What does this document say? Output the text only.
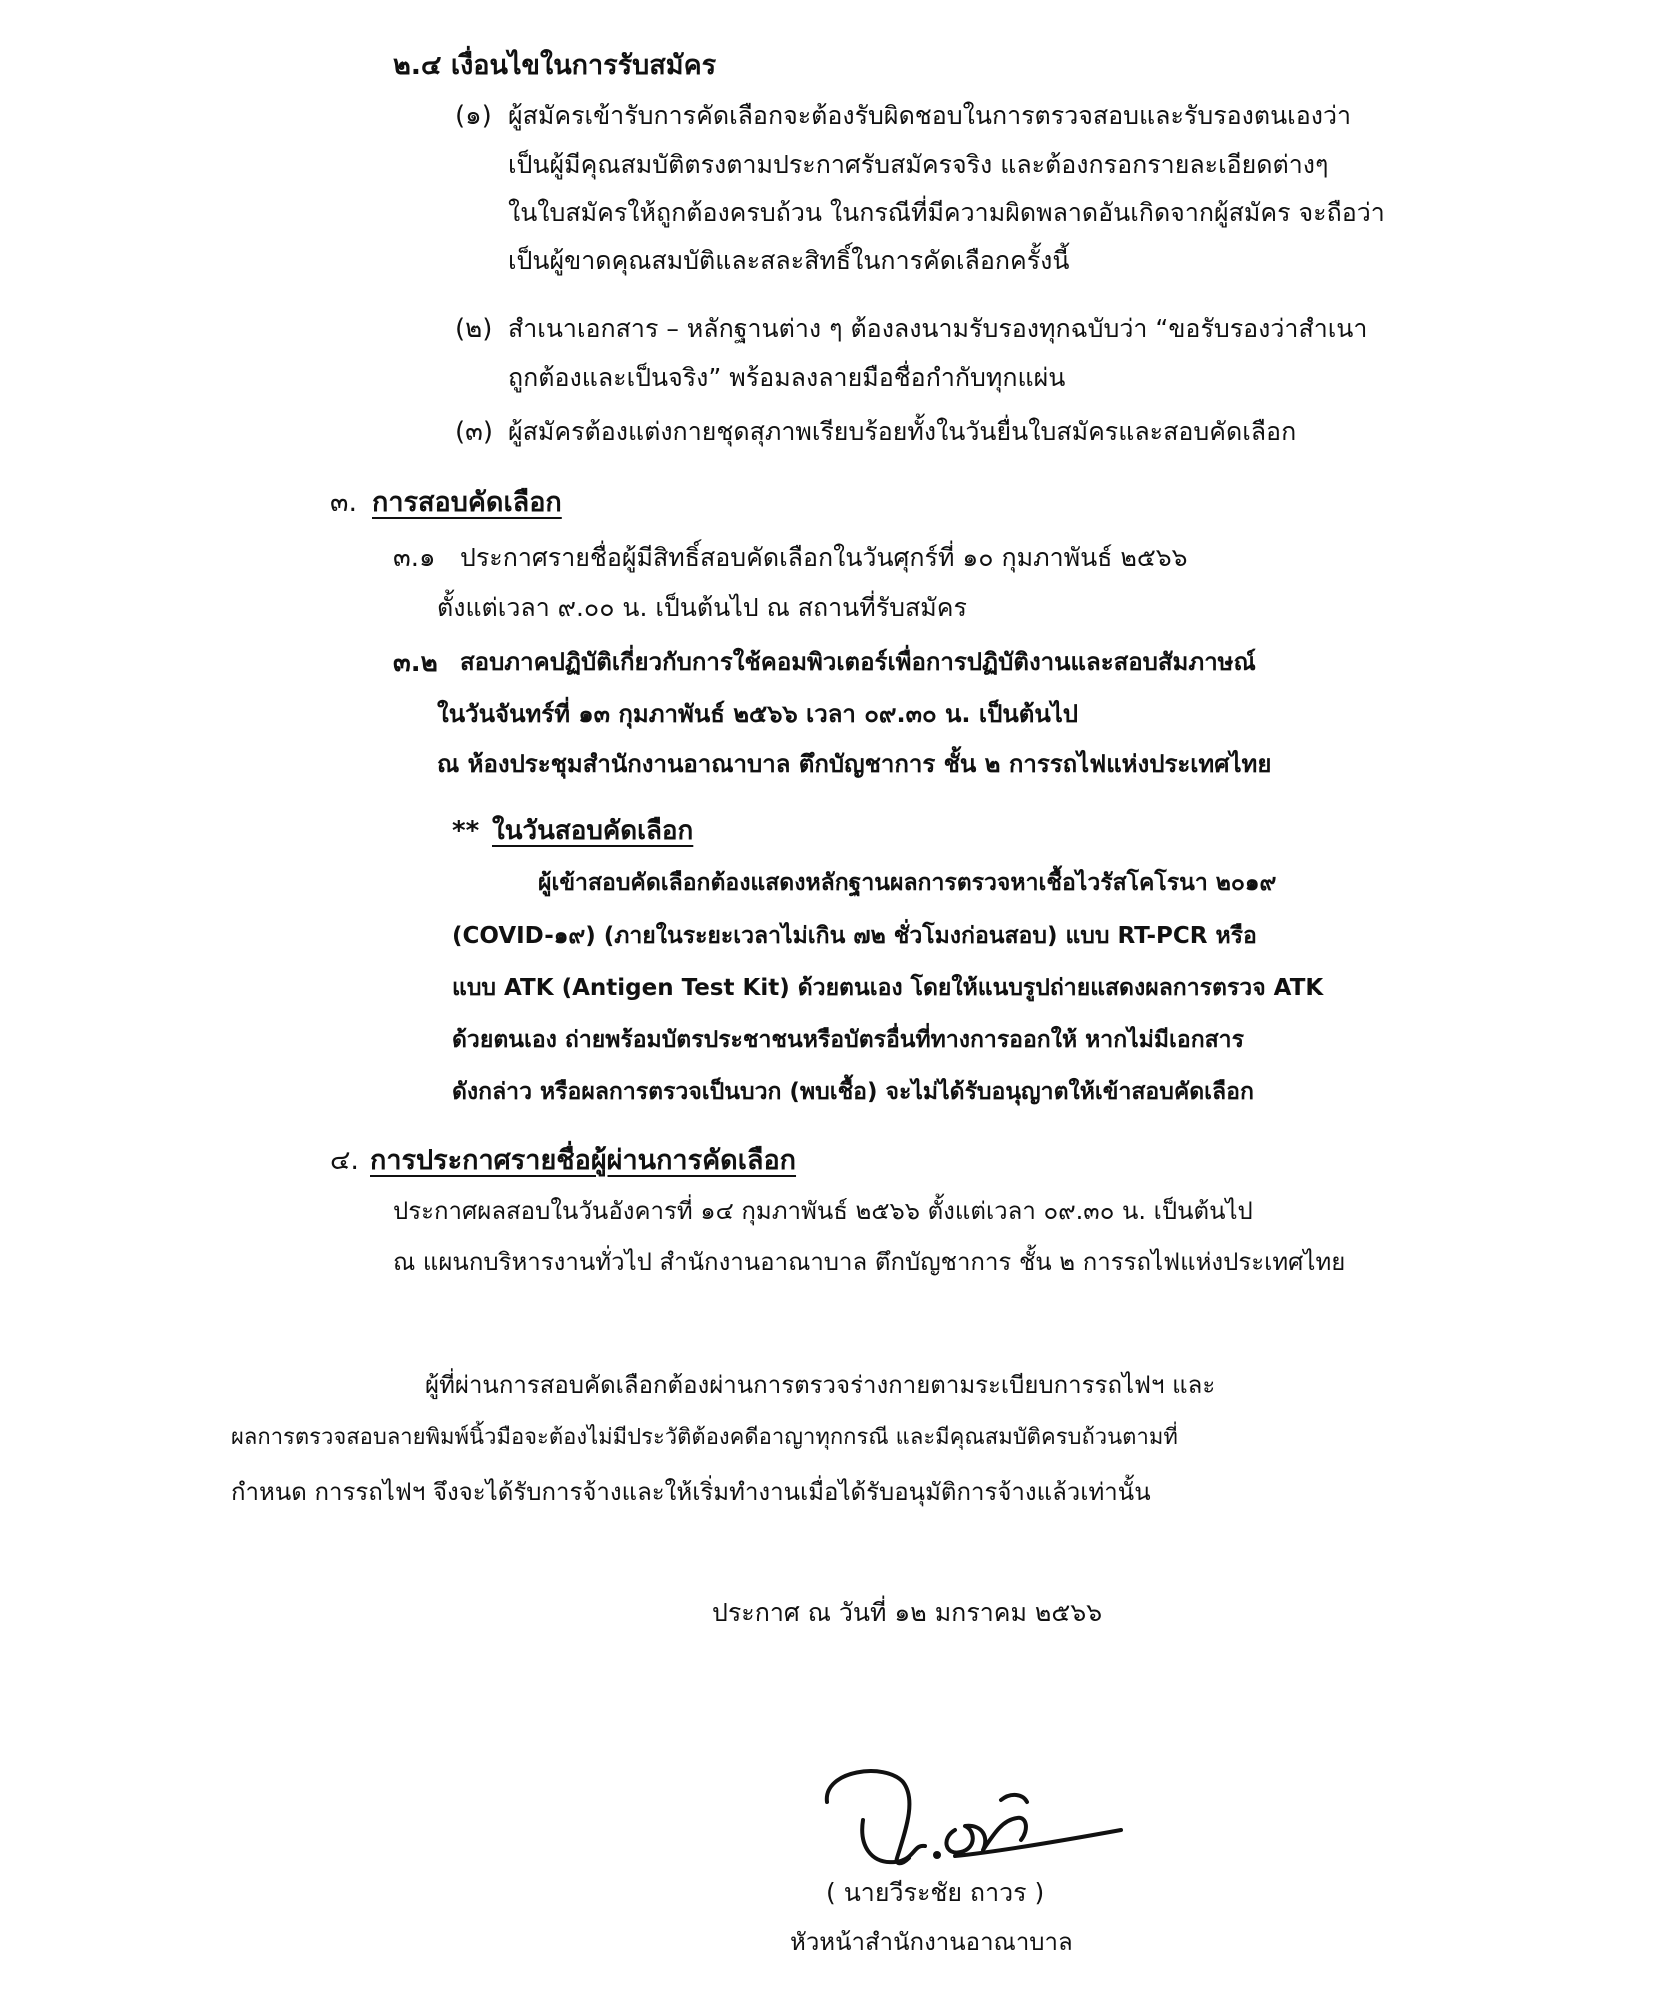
๒.๔ เงื่อนไขในการรับสมัคร
(๑) ผู้สมัครเข้ารับการคัดเลือกจะต้องรับผิดชอบในการตรวจสอบและรับรองตนเองว่า
เป็นผู้มีคุณสมบัติตรงตามประกาศรับสมัครจริง และต้องกรอกรายละเอียดต่างๆ
ในใบสมัครให้ถูกต้องครบถ้วน ในกรณีที่มีความผิดพลาดอันเกิดจากผู้สมัคร จะถือว่า
เป็นผู้ขาดคุณสมบัติและสละสิทธิ์ในการคัดเลือกครั้งนี้
(๒) สำเนาเอกสาร – หลักฐานต่าง ๆ ต้องลงนามรับรองทุกฉบับว่า “ขอรับรองว่าสำเนา
ถูกต้องและเป็นจริง” พร้อมลงลายมือชื่อกำกับทุกแผ่น
(๓) ผู้สมัครต้องแต่งกายชุดสุภาพเรียบร้อยทั้งในวันยื่นใบสมัครและสอบคัดเลือก
๓. การสอบคัดเลือก
๓.๑ ประกาศรายชื่อผู้มีสิทธิ์สอบคัดเลือกในวันศุกร์ที่ ๑๐ กุมภาพันธ์ ๒๕๖๖
ตั้งแต่เวลา ๙.๐๐ น. เป็นต้นไป ณ สถานที่รับสมัคร
๓.๒ สอบภาคปฏิบัติเกี่ยวกับการใช้คอมพิวเตอร์เพื่อการปฏิบัติงานและสอบสัมภาษณ์
ในวันจันทร์ที่ ๑๓ กุมภาพันธ์ ๒๕๖๖ เวลา ๐๙.๓๐ น. เป็นต้นไป
ณ ห้องประชุมสำนักงานอาณาบาล ตึกบัญชาการ ชั้น ๒ การรถไฟแห่งประเทศไทย
** ในวันสอบคัดเลือก
ผู้เข้าสอบคัดเลือกต้องแสดงหลักฐานผลการตรวจหาเชื้อไวรัสโคโรนา ๒๐๑๙
(COVID-๑๙) (ภายในระยะเวลาไม่เกิน ๗๒ ชั่วโมงก่อนสอบ) แบบ RT-PCR หรือ
แบบ ATK (Antigen Test Kit) ด้วยตนเอง โดยให้แนบรูปถ่ายแสดงผลการตรวจ ATK
ด้วยตนเอง ถ่ายพร้อมบัตรประชาชนหรือบัตรอื่นที่ทางการออกให้ หากไม่มีเอกสาร
ดังกล่าว หรือผลการตรวจเป็นบวก (พบเชื้อ) จะไม่ได้รับอนุญาตให้เข้าสอบคัดเลือก
๔. การประกาศรายชื่อผู้ผ่านการคัดเลือก
ประกาศผลสอบในวันอังคารที่ ๑๔ กุมภาพันธ์ ๒๕๖๖ ตั้งแต่เวลา ๐๙.๓๐ น. เป็นต้นไป
ณ แผนกบริหารงานทั่วไป สำนักงานอาณาบาล ตึกบัญชาการ ชั้น ๒ การรถไฟแห่งประเทศไทย
ผู้ที่ผ่านการสอบคัดเลือกต้องผ่านการตรวจร่างกายตามระเบียบการรถไฟฯ และ
ผลการตรวจสอบลายพิมพ์นิ้วมือจะต้องไม่มีประวัติต้องคดีอาญาทุกกรณี และมีคุณสมบัติครบถ้วนตามที่
กำหนด การรถไฟฯ จึงจะได้รับการจ้างและให้เริ่มทำงานเมื่อได้รับอนุมัติการจ้างแล้วเท่านั้น
ประกาศ ณ วันที่ ๑๒ มกราคม ๒๕๖๖
( นายวีระชัย ถาวร )
หัวหน้าสำนักงานอาณาบาล
